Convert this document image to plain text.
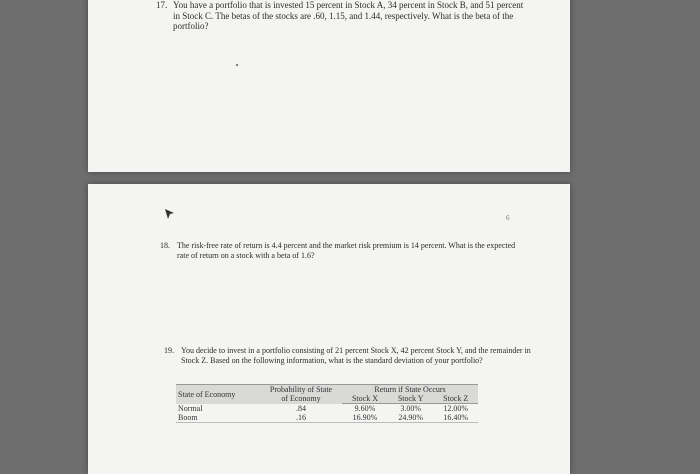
17. You have a portfolio that is invested 15 percent in Stock A, 34 percent in Stock B, and 51 percent in Stock C. The betas of the stocks are .60, 1.15, and 1.44, respectively. What is the beta of the portfolio?
6
18. The risk-free rate of return is 4.4 percent and the market risk premium is 14 percent. What is the expected rate of return on a stock with a beta of 1.6?
19. You decide to invest in a portfolio consisting of 21 percent Stock X, 42 percent Stock Y, and the remainder in Stock Z. Based on the following information, what is the standard deviation of your portfolio?
State of Economy	Probability of State	Return if State Occurs		
	of Economy	Stock X	Stock Y	Stock Z
Normal	.84	9.60%	3.00%	12.00%
Boom	.16	16.90%	24.90%	16.40%
